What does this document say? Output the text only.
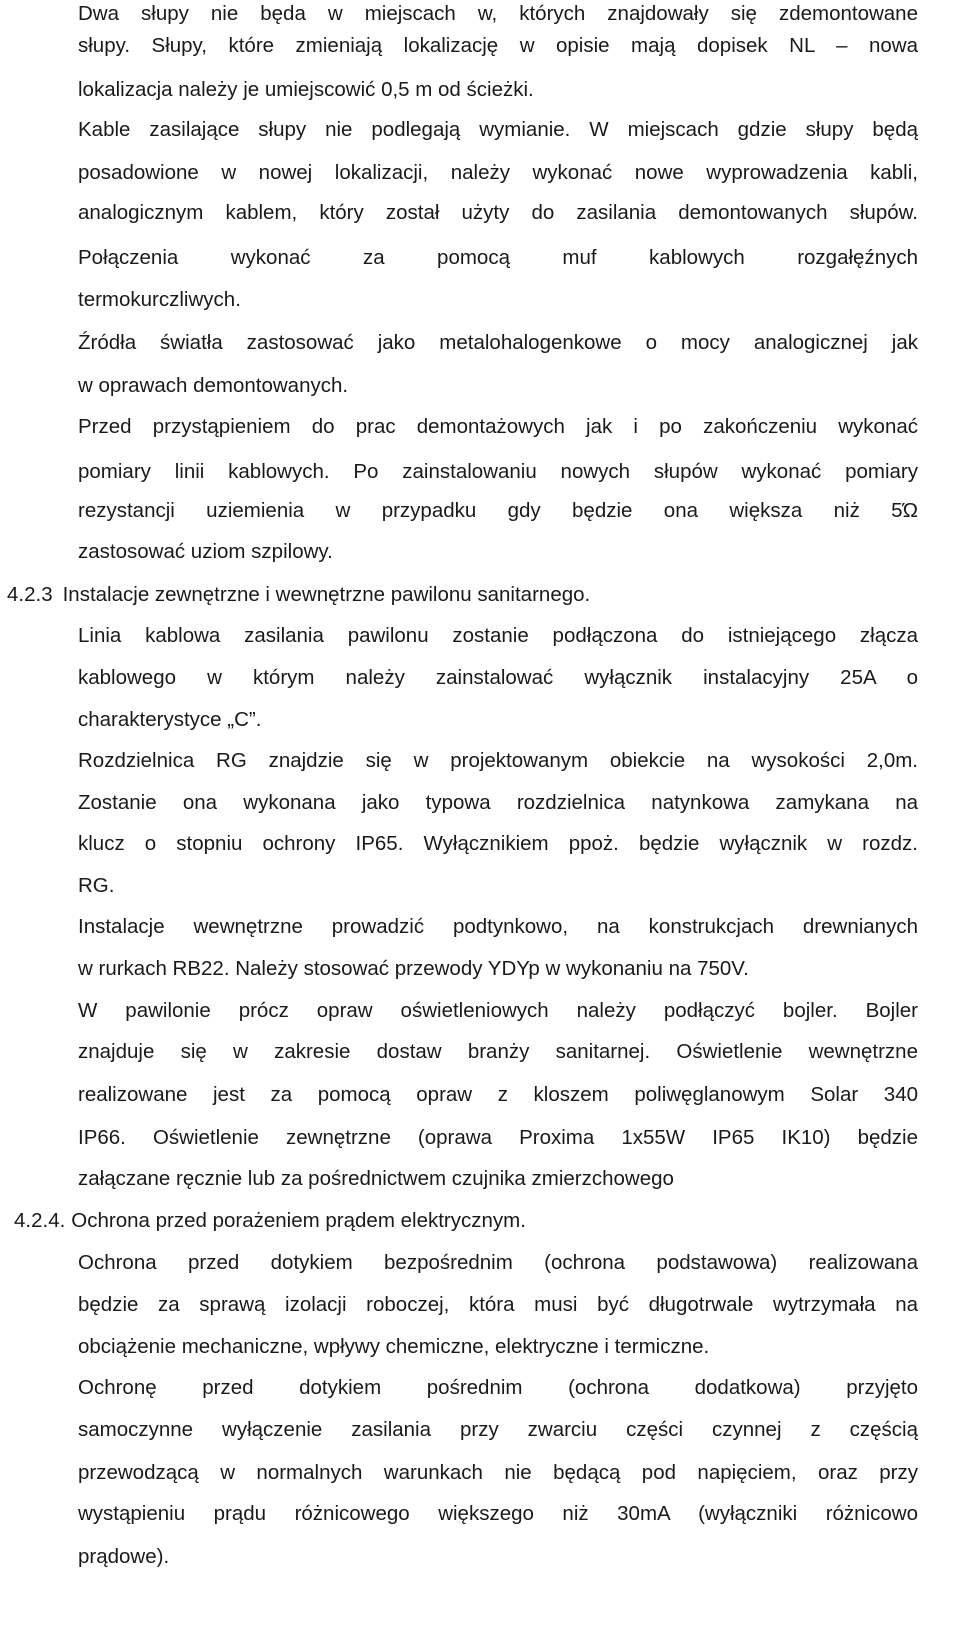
Dwa słupy nie będa w miejscach w, których znajdowały się zdemontowane
słupy. Słupy, które zmieniają lokalizację w opisie mają dopisek NL – nowa
lokalizacja należy je umiejscowić 0,5 m od ścieżki.
Kable zasilające słupy nie podlegają wymianie. W miejscach gdzie słupy będą
posadowione w nowej lokalizacji, należy wykonać nowe wyprowadzenia kabli,
analogicznym kablem, który został użyty do zasilania demontowanych słupów.
Połączenia wykonać za pomocą muf kablowych rozgałęźnych
termokurczliwych.
Źródła światła zastosować jako metalohalogenkowe o mocy analogicznej jak
w oprawach demontowanych.
Przed przystąpieniem do prac demontażowych jak i po zakończeniu wykonać
pomiary linii kablowych. Po zainstalowaniu nowych słupów wykonać pomiary
rezystancji uziemienia w przypadku gdy będzie ona większa niż 5Ώ
zastosować uziom szpilowy.
4.2.3 Instalacje zewnętrzne i wewnętrzne pawilonu sanitarnego.
Linia kablowa zasilania pawilonu zostanie podłączona do istniejącego złącza
kablowego w którym należy zainstalować wyłącznik instalacyjny 25A o
charakterystyce „C”.
Rozdzielnica RG znajdzie się w projektowanym obiekcie na wysokości 2,0m.
Zostanie ona wykonana jako typowa rozdzielnica natynkowa zamykana na
klucz o stopniu ochrony IP65. Wyłącznikiem ppoż. będzie wyłącznik w rozdz.
RG.
Instalacje wewnętrzne prowadzić podtynkowo, na konstrukcjach drewnianych
w rurkach RB22. Należy stosować przewody YDYp w wykonaniu na 750V.
W pawilonie prócz opraw oświetleniowych należy podłączyć bojler. Bojler
znajduje się w zakresie dostaw branży sanitarnej. Oświetlenie wewnętrzne
realizowane jest za pomocą opraw z kloszem poliwęglanowym Solar 340
IP66. Oświetlenie zewnętrzne (oprawa Proxima 1x55W IP65 IK10) będzie
załączane ręcznie lub za pośrednictwem czujnika zmierzchowego
4.2.4. Ochrona przed porażeniem prądem elektrycznym.
Ochrona przed dotykiem bezpośrednim (ochrona podstawowa) realizowana
będzie za sprawą izolacji roboczej, która musi być długotrwale wytrzymała na
obciążenie mechaniczne, wpływy chemiczne, elektryczne i termiczne.
Ochronę przed dotykiem pośrednim (ochrona dodatkowa) przyjęto
samoczynne wyłączenie zasilania przy zwarciu części czynnej z częścią
przewodzącą w normalnych warunkach nie będącą pod napięciem, oraz przy
wystąpieniu prądu różnicowego większego niż 30mA (wyłączniki różnicowo
prądowe).
